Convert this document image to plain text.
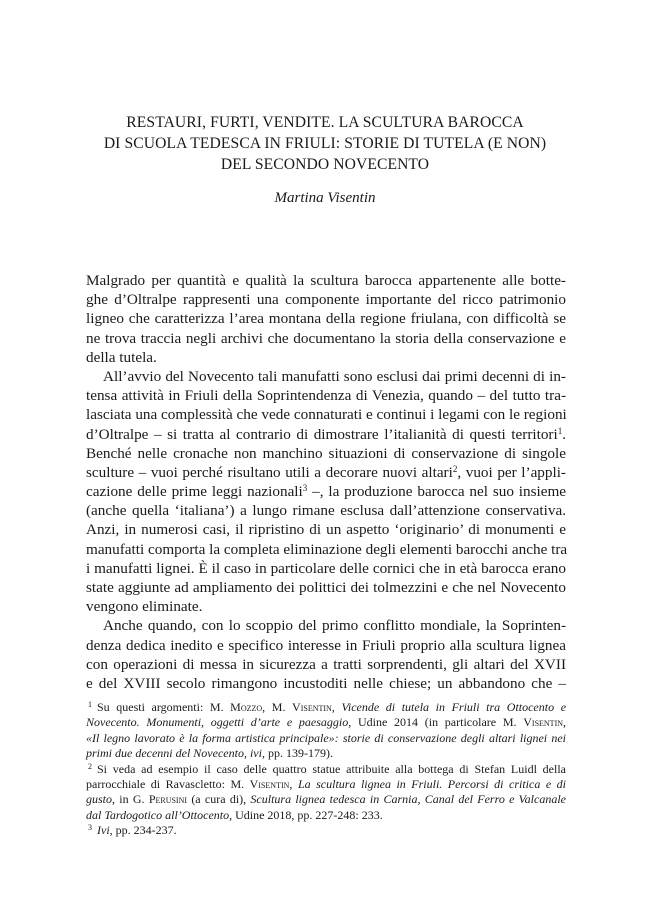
RESTAURI, FURTI, VENDITE. LA SCULTURA BAROCCA
DI SCUOLA TEDESCA IN FRIULI: STORIE DI TUTELA (E NON)
DEL SECONDO NOVECENTO
Martina Visentin
Malgrado per quantità e qualità la scultura barocca appartenente alle botte-
ghe d’Oltralpe rappresenti una componente importante del ricco patrimonio
ligneo che caratterizza l’area montana della regione friulana, con difficoltà se
ne trova traccia negli archivi che documentano la storia della conservazione e
della tutela.
All’avvio del Novecento tali manufatti sono esclusi dai primi decenni di in-
tensa attività in Friuli della Soprintendenza di Venezia, quando – del tutto tra-
lasciata una complessità che vede connaturati e continui i legami con le regioni
d’Oltralpe – si tratta al contrario di dimostrare l’italianità di questi territori$^1$.
Benché nelle cronache non manchino situazioni di conservazione di singole
sculture – vuoi perché risultano utili a decorare nuovi altari$^2$, vuoi per l’appli-
cazione delle prime leggi nazionali$^3$ –, la produzione barocca nel suo insieme
(anche quella ‘italiana’) a lungo rimane esclusa dall’attenzione conservativa.
Anzi, in numerosi casi, il ripristino di un aspetto ‘originario’ di monumenti e
manufatti comporta la completa eliminazione degli elementi barocchi anche tra
i manufatti lignei. È il caso in particolare delle cornici che in età barocca erano
state aggiunte ad ampliamento dei polittici dei tolmezzini e che nel Novecento
vengono eliminate.
Anche quando, con lo scoppio del primo conflitto mondiale, la Soprinten-
denza dedica inedito e specifico interesse in Friuli proprio alla scultura lignea
con operazioni di messa in sicurezza a tratti sorprendenti, gli altari del XVII
e del XVIII secolo rimangono incustoditi nelle chiese; un abbandono che –
$^1$ Su questi argomenti: M. Mozzo, M. Visentin, Vicende di tutela in Friuli tra Ottocento e
Novecento. Monumenti, oggetti d’arte e paesaggio, Udine 2014 (in particolare M. Visentin,
«Il legno lavorato è la forma artistica principale»: storie di conservazione degli altari lignei nei
primi due decenni del Novecento, ivi, pp. 139-179).
$^2$ Si veda ad esempio il caso delle quattro statue attribuite alla bottega di Stefan Luidl della
parrocchiale di Ravascletto: M. Visentin, La scultura lignea in Friuli. Percorsi di critica e di
gusto, in G. Perusini (a cura di), Scultura lignea tedesca in Carnia, Canal del Ferro e Valcanale
dal Tardogotico all’Ottocento, Udine 2018, pp. 227-248: 233.
$^3$ Ivi, pp. 234-237.
